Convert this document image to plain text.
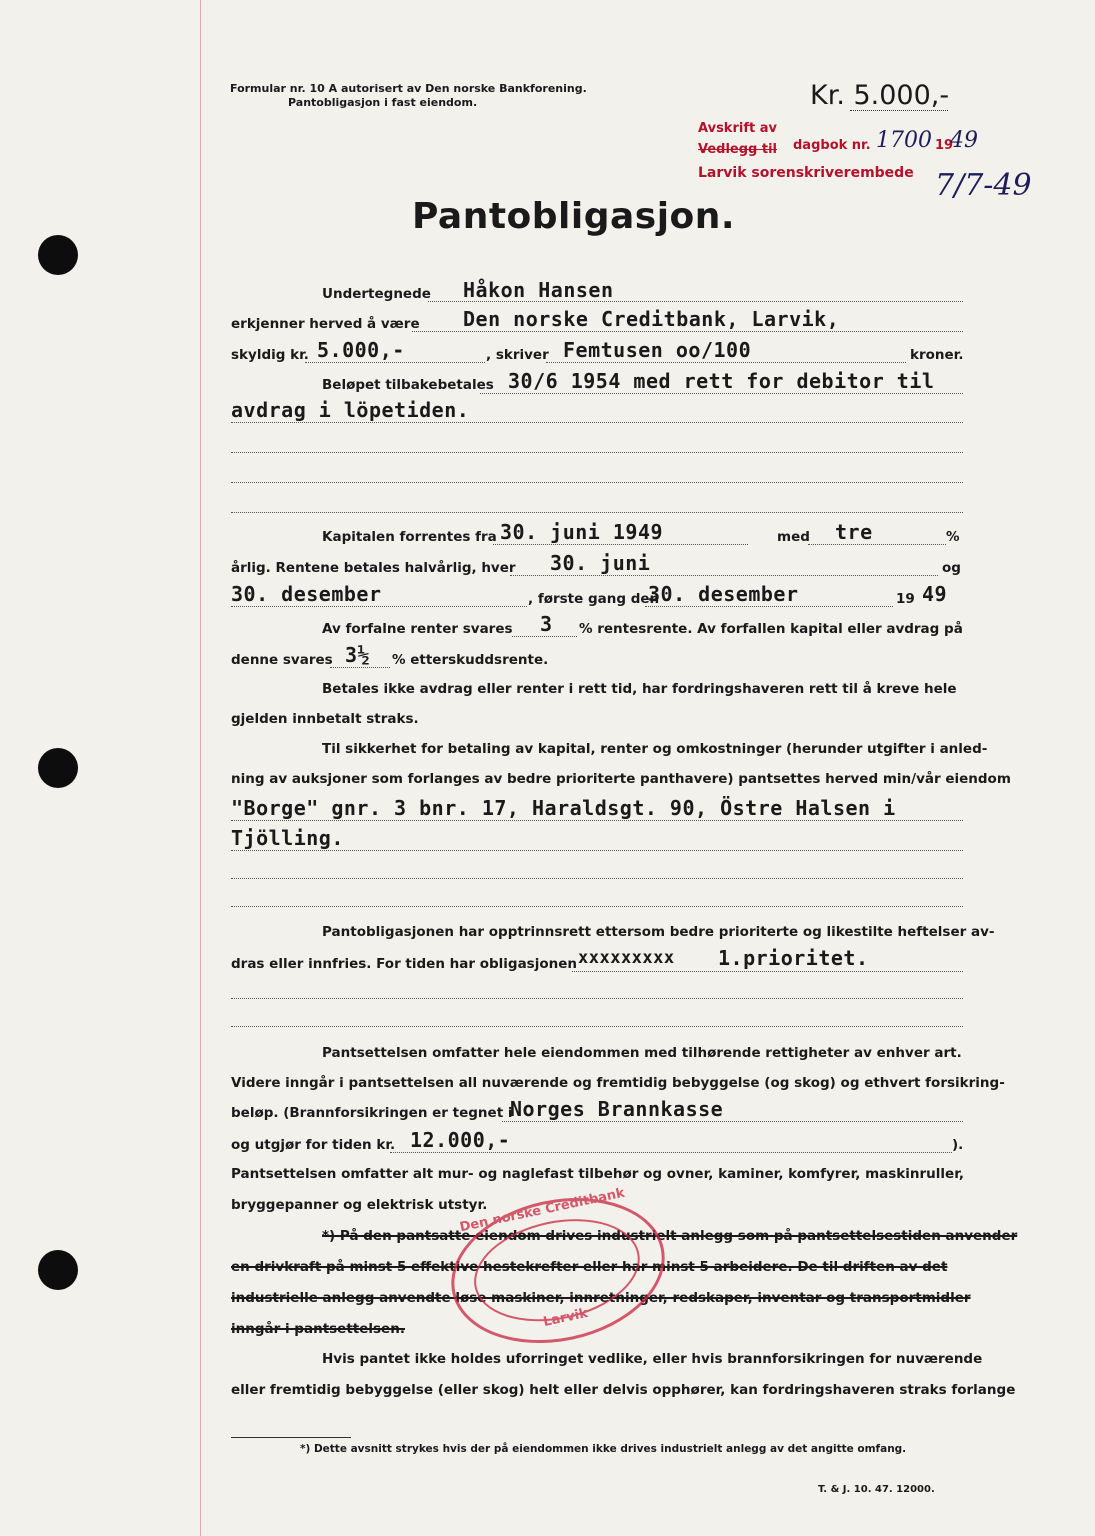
Formular nr. 10 A autorisert av Den norske Bankforening.
Pantobligasjon i fast eiendom.	Kr. 5.000,-
Avskrift av
Vedlegg til dagbok nr. 1700 19
49
Larvik sorenskriverembede 7/7-49
Pantobligasjon.
Undertegnede Håkon Hansen
erkjenner herved å være Den norske Creditbank, Larvik,
skyldig kr. 5.000,-	, skriver Femtusen oo/100	kroner.
Beløpet tilbakebetales 30/6 1954 med rett for debitor til
avdrag i löpetiden.
Kapitalen forrentes fra 30. juni 1949	med tre	%
årlig. Rentene betales halvårlig, hver 30. juni	og
30. desember	, første gang den
30. desember	19 49
Av forfalne renter svares 3 % rentesrente. Av forfallen kapital eller avdrag på
denne svares 3½ % etterskuddsrente.
Betales ikke avdrag eller renter i rett tid, har fordringshaveren rett til å kreve hele
gjelden innbetalt straks.
Til sikkerhet for betaling av kapital, renter og omkostninger (herunder utgifter i anled-
ning av auksjoner som forlanges av bedre prioriterte panthavere) pantsettes herved min/vår eiendom
"Borge" gnr. 3 bnr. 17, Haraldsgt. 90, Östre Halsen i
Tjölling.
Pantobligasjonen har opptrinnsrett ettersom bedre prioriterte og likestilte heftelser av-
dras eller innfries. For tiden har obligasjonen xxxxxxxxx 1.prioritet.
Pantsettelsen omfatter hele eiendommen med tilhørende rettigheter av enhver art.
Videre inngår i pantsettelsen all nuværende og fremtidig bebyggelse (og skog) og ethvert forsikring-
beløp. (Brannforsikringen er tegnet i
Norges Brannkasse
og utgjør for tiden kr. 12.000,-	).
Pantsettelsen omfatter alt mur- og naglefast tilbehør og ovner, kaminer, komfyrer, maskinruller,
bryggepanner og elektrisk utstyr.
*) På den pantsatte eiendom drives industrielt anlegg som på pantsettelsestiden anvender
en drivkraft på minst 5 effektive hestekrefter eller har minst 5 arbeidere. De til driften av det
industrielle anlegg anvendte løse maskiner, innretninger, redskaper, inventar og transportmidler
inngår i pantsettelsen.
Hvis pantet ikke holdes uforringet vedlike, eller hvis brannforsikringen for nuværende
eller fremtidig bebyggelse (eller skog) helt eller delvis opphører, kan fordringshaveren straks forlange
Den norske Creditbank
Larvik
*) Dette avsnitt strykes hvis der på eiendommen ikke drives industrielt anlegg av det angitte omfang.
T. & J. 10. 47. 12000.
